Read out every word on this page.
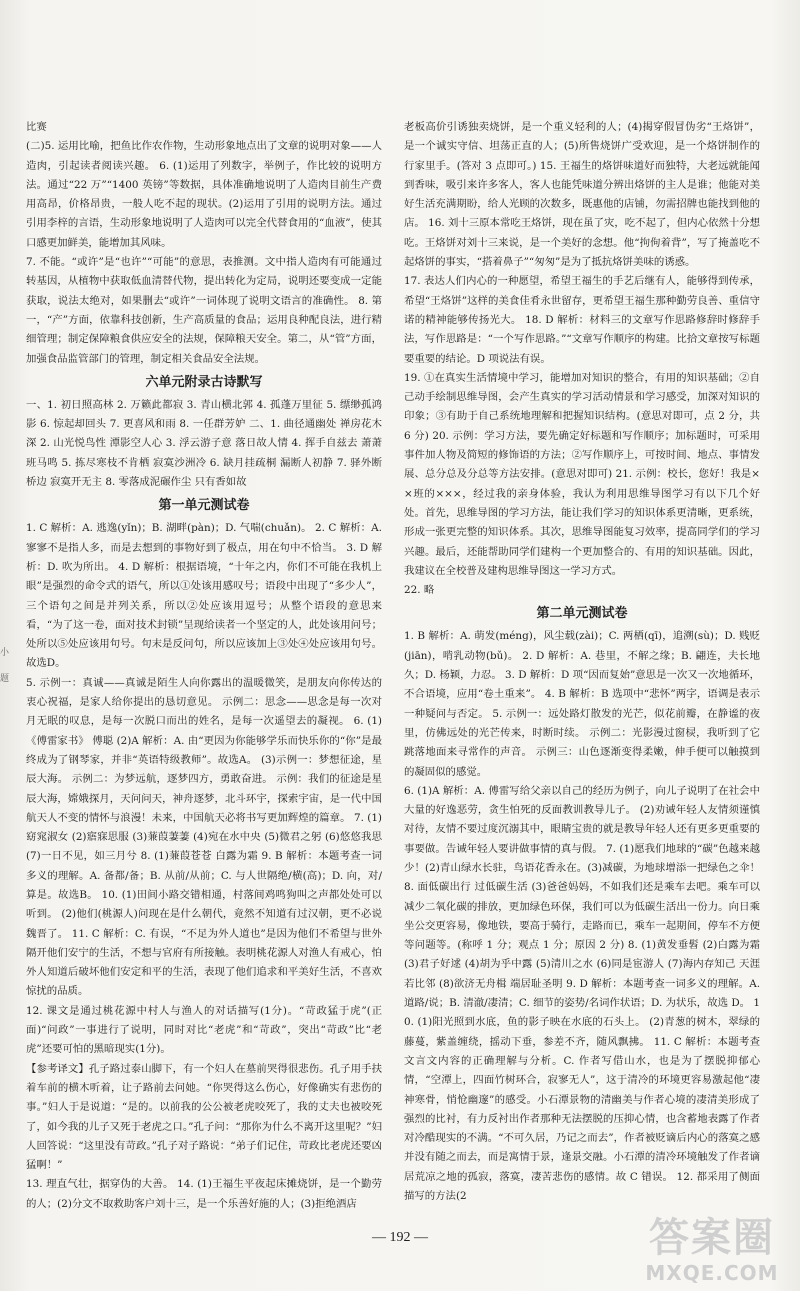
比赛

(二)5. 运用比喻，把鱼比作农作物，生动形象地点出了文章的说明对象——人造肉，引起读者阅读兴趣。 6. (1)运用了列数字，举例子，作比较的说明方法。通过“22 万”“1400 英镑”等数据，具体准确地说明了人造肉目前生产费用高昂，价格昂贵，一般人吃不起的现状。(2)运用了引用的说明方法。通过引用李梓的言语，生动形象地说明了人造肉可以完全代替食用的“血液”，使其口感更加鲜美，能增加其风味。

7. 不能。“或许”是“也许”“可能”的意思，表推测。文中指人造肉有可能通过转基因，从植物中获取低血清替代物，提出转化为定局，说明还要变成一定能获取，说法太绝对，如果删去“或许”一词体现了说明文语言的准确性。 8. 第一，“产”方面，依靠科技创新，生产高质量的食品；运用良种配良法，进行精细管理；制定保障粮食供应安全的法规，保障粮天安全。第二，从“管”方面，加强食品监管部门的管理，制定相关食品安全法规。

六单元附录古诗默写

一、1. 初日照高林 2. 万籁此都寂 3. 青山横北郭 4. 孤蓬万里征 5. 缥缈孤鸿影 6. 惊起却回头 7. 更喜风和雨 8. 一任群芳妒 二、1. 曲径通幽处 禅房花木深 2. 山光悦鸟性 潭影空人心 3. 浮云游子意 落日故人情 4. 挥手自兹去 萧萧班马鸣 5. 拣尽寒枝不肯栖 寂寞沙洲冷 6. 缺月挂疏桐 漏断人初静 7. 驿外断桥边 寂寞开无主 8. 零落成泥碾作尘 只有香如故

第一单元测试卷

1. C 解析：A. 逃逸(yǐn)；B. 湖畔(pàn)；D. 气喘(chuǎn)。 2. C 解析：A. 寥寥不是指人多，而是去想到的事物好到了极点，用在句中不恰当。 3. D 解析：D. 吹为所出。 4. D 解析：根据语境，“十年之内，你们不可能在我机上眼”是强烈的命令式的语气，所以①处该用感叹号；语段中出现了“多少人”，三个语句之间是并列关系，所以②处应该用逗号；从整个语段的意思来看，“为了这一卷，面对技术封锁”呈现给读者一个坚定的人，此处该用问号；处所以⑤处应该用句号。句末是反问句，所以应该加上③处④处应该用句号。故选D。

5. 示例一：真诚——真诚是陌生人向你露出的温暖微笑，是朋友向你传达的衷心祝福，是家人给你提出的恳切意见。 示例二：思念——思念是每一次对月无眠的叹息，是每一次脱口而出的姓名，是每一次遥望去的凝视。 6. (1)《傅雷家书》 傅聪 (2)A 解析：A. 由“更因为你能够学乐而快乐你的“你”是最终成为了钢琴家，并非“英语特级教师”。故选A。 (3)示例一：梦想征途，星辰大海。 示例二：为梦远航，逐梦四方，勇敢奋进。 示例：我们的征途是星辰大海，嫦娥探月，天问问天，神舟逐梦，北斗环宇，探索宇宙，是一代中国航天人不变的情怀与浪漫！未来，中国航天必将书写更加辉煌的篇章。 7. (1)窈窕淑女 (2)寤寐思服 (3)蒹葭萋萋 (4)宛在水中央 (5)微君之躬 (6)悠悠我思 (7)一日不见，如三月兮 8. (1)蒹葭苍苍 白露为霜 9. B 解析：本题考查一词多义的理解。A. 备都/备；B. 从前/从前；C. 与人世隔绝/横(高)；D. 向，对/算是。故选B。 10. (1)田间小路交错相通，村落间鸡鸣狗叫之声都处处可以听到。 (2)他们(桃源人)问现在是什么朝代，竟然不知道有过汉朝，更不必说魏晋了。 11. C 解析：C. 有误，“不足为外人道也”是因为他们不希望与世外隔开他们安宁的生活，不想与官府有所接触。表明桃花源人对渔人有戒心，怕外人知道后破坏他们安定和平的生活，表现了他们追求和平美好生活，不喜欢惊扰的品质。

12. 课文是通过桃花源中村人与渔人的对话描写(1分)。“苛政猛于虎”(正面)“问政”一事进行了说明，同时对比“老虎”和“苛政”，突出“苛政”比“老虎”还要可怕的黑暗现实(1分)。

【参考译文】孔子路过泰山脚下，有一个妇人在墓前哭得很悲伤。孔子用手扶着车前的横木听着，让子路前去问她。“你哭得这么伤心，好像确实有悲伤的事。”妇人于是说道：“是的。以前我的公公被老虎咬死了，我的丈夫也被咬死了，如今我的儿子又死于老虎之口。”孔子问：“那你为什么不离开这里呢？”妇人回答说：“这里没有苛政。”孔子对子路说：“弟子们记住，苛政比老虎还要凶猛啊！”

13. 理直气壮，据穿伪的大善。 14. (1)王福生平夜起床摊烧饼，是一个勤劳的人；(2)分文不取救助客户刘十三，是一个乐善好施的人；(3)拒绝酒店

老板高价引诱独卖烧饼，是一个重义轻利的人；(4)揭穿假冒伪劣“王烙饼”，是一个诚实守信、坦荡正直的人；(5)所售烧饼广受欢迎，是一个烙饼制作的行家里手。(答对 3 点即可。) 15. 王福生的烙饼味道好而独特，大老远就能闻到香味，吸引来许多客人，客人也能凭味道分辨出烙饼的主人是谁；他能对美好生活充满期盼，给人光顾的次数多，既惠他的店铺，勿需招牌也能找到他的店。 16. 刘十三原本常吃王烙饼，现在虽了灾，吃不起了，但内心依然十分想吃。王烙饼对刘十三来说，是一个美好的念想。他“拘佝着背”，写了掩盖吃不起烙饼的事实，“搭着鼻子”“匆匆”是为了抵抗烙饼美味的诱惑。

17. 表达人们内心的一种愿望，希望王福生的手艺后继有人，能够得到传承，希望“王烙饼”这样的美食佳肴永世留存，更希望王福生那种勤劳良善、重信守诺的精神能够传扬光大。 18. D 解析：材料三的文章写作思路修辞时修辞手法，写作思路是：“一个写作思路。”“文章写作顺序的构建。比拾文章按写标题要重要的结论。D 项说法有误。

19. ①在真实生活情境中学习，能增加对知识的整合，有用的知识基础；②自己动手绘制思维导图，会产生真实的学习活动情景和学习感受，加深对知识的印象；③有助于自己系统地理解和把握知识结构。(意思对即可，点 2 分，共 6 分) 20. 示例：学习方法，要先确定好标题和写作顺序；加标题时，可采用事件加人物及简短的修饰语的方法；②写作顺序上，可按时间、地点、事情发展、总分总及分总等方法安排。(意思对即可) 21. 示例：校长，您好！我是××班的×××，经过我的亲身体验，我认为利用思维导图学习有以下几个好处。首先，思维导图的学习方法，能让我们学习的知识体系更清晰，更系统，形成一张更完整的知识体系。其次，思维导图能复习效率，提高同学们的学习兴趣。最后，还能帮助同学们建构一个更加整合的、有用的知识基础。因此，我建议在全校普及建构思维导图这一学习方式。

22. 略

第二单元测试卷

1. B 解析：A. 萌发(méng)，风尘载(zài)；C. 两栖(qī)，追溯(sù)；D. 贱贬(jiān)，啃乳动物(bǔ)。 2. D 解析：A. 巷里，不解之缘；B. 翩连，夫长地久；D. 杨颖，力忍。 3. D 解析：D 项“因而复始”意思是一次又一次地循环，不合语境，应用“卷土重来”。 4. B 解析：B 选项中“悲怀”两字，语调是表示一种疑问与否定。 5. 示例一：远处路灯散发的光芒，似花前瓣，在静谧的夜里，仿佛远处的光芒传来，时断时续。 示例二：光影漫过窗棂，我听到了它跳落地面来寻常作的声音。 示例三：山色逐渐变得柔嫩，伸手便可以触摸到的凝固似的感觉。

6. (1)A 解析：A. 傅雷写给父亲以自己的经历为例子，向儿子说明了在社会中大量的好逸恶劳，贪生怕死的反面教训教导儿子。 (2)劝诫年轻人友情须谨慎对待，友情不要过度沉溺其中，眼睛宝贵的就是教导年轻人还有更多更重要的事要做。告诫年轻人要讲做事情的真与假。 7. (1)愿我们地球的“碳”色越来越少！(2)青山绿水长驻，鸟语花香永在。(3)减碳，为地球增添一把绿色之伞！ 8. 面低碳出行 过低碳生活 (3)爸爸妈妈，不如我们还是乘车去吧。乘车可以减少二氧化碳的排放，更加绿色环保，我们可以为低碳生活出一份力。向日乘坐公交更容易，像地铁，要高于骑行，走路而已，乘车一起期间，停车不方便等问题等。(称呼 1 分；观点 1 分；原因 2 分) 8. (1)黄发垂髫 (2)白露为霜 (3)君子好逑 (4)胡为乎中露 (5)清川之水 (6)同是宦游人 (7)海内存知己 天涯若比邻 (8)欲济无舟楫 端居耻圣明 9. D 解析：本题考查一词多义的理解。A. 道路/说；B. 清澈/凄清；C. 细节的姿势/名词作状语；D. 为状乐，故选 D。 10. (1)阳光照到水底，鱼的影子映在水底的石头上。 (2)青葱的树木，翠绿的藤蔓，紫盖缠绕，摇动下垂，参差不齐，随风飘拂。 11. C 解析：本题考查文言文内容的正确理解与分析。C. 作者写借山水，也是为了摆脱抑郁心情，“空潭上，四面竹树环合，寂寥无人”，这于清冷的环境更容易激起他“凄神寒骨，悄怆幽邃”的感受。小石潭景物的清幽美与作者心境的凄清美形成了强烈的比衬，有力反衬出作者那种无法摆脱的压抑心情，也含蓄地表露了作者对冷酷现实的不满。“不可久居，乃记之而去”，作者被贬谪后内心的落寞之感并没有随之而去，而是寓情于景，逢景交融。小石潭的清冷环境触发了作者谪居荒凉之地的孤寂，落寞，凄苦悲伤的感情。故 C 错误。 12. 都采用了侧面描写的方法(2

小
题
— 192 —	答案圈
MXQE.COM
